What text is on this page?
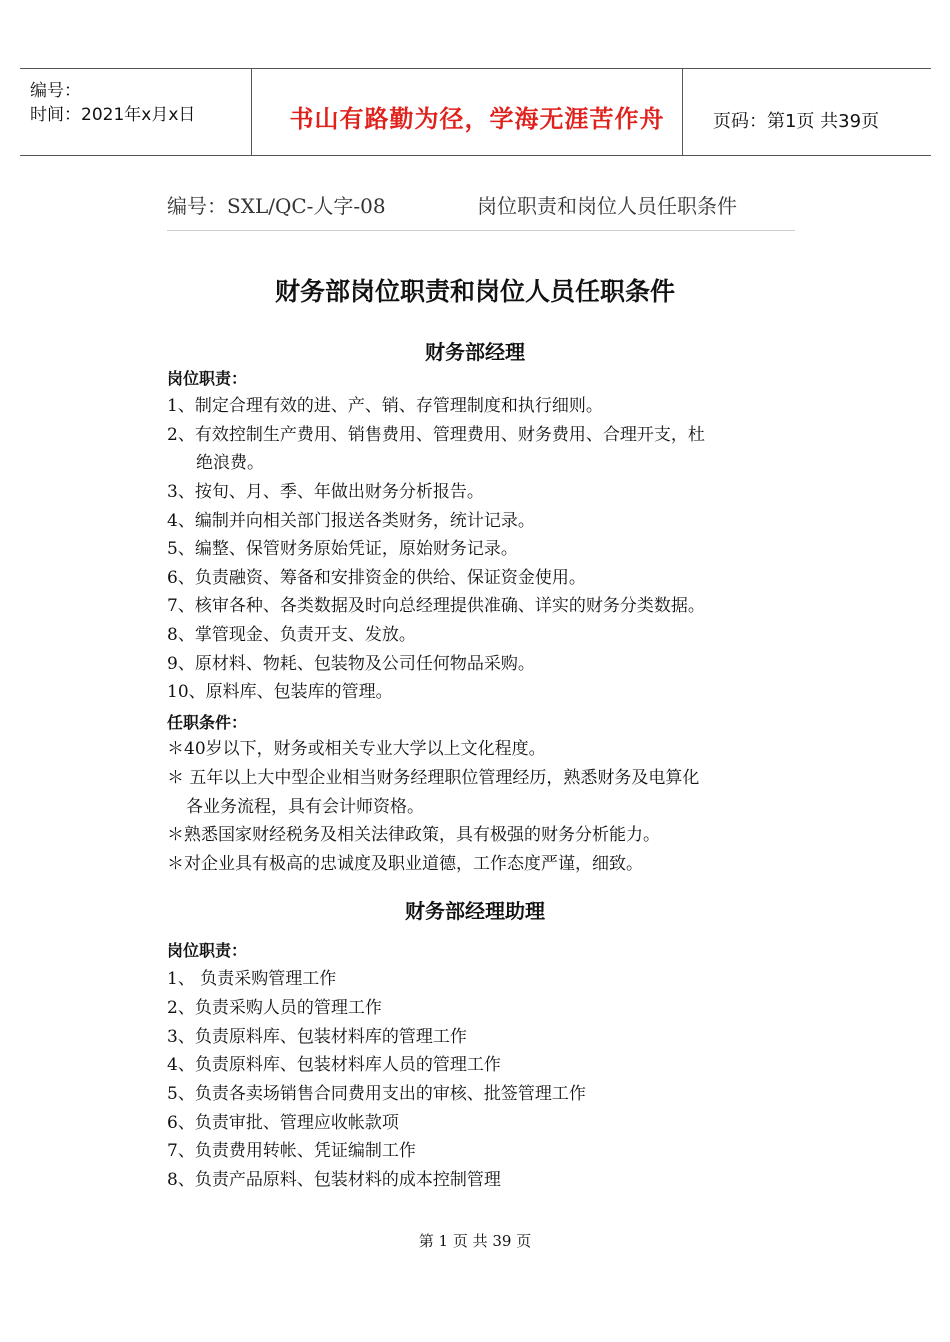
编号：
时间：2021年x月x日	书山有路勤为径，学海无涯苦作舟	页码：第1页 共39页
编号：SXL/QC-人字-08	岗位职责和岗位人员任职条件
财务部岗位职责和岗位人员任职条件
财务部经理
岗位职责：
1、制定合理有效的进、产、销、存管理制度和执行细则。
2、有效控制生产费用、销售费用、管理费用、财务费用、合理开支，杜
绝浪费。
3、按旬、月、季、年做出财务分析报告。
4、编制并向相关部门报送各类财务，统计记录。
5、编整、保管财务原始凭证，原始财务记录。
6、负责融资、筹备和安排资金的供给、保证资金使用。
7、核审各种、各类数据及时向总经理提供准确、详实的财务分类数据。
8、掌管现金、负责开支、发放。
9、原材料、物耗、包装物及公司任何物品采购。
10、原料库、包装库的管理。
任职条件：
＊40岁以下，财务或相关专业大学以上文化程度。
＊ 五年以上大中型企业相当财务经理职位管理经历，熟悉财务及电算化
各业务流程，具有会计师资格。
＊熟悉国家财经税务及相关法律政策，具有极强的财务分析能力。
＊对企业具有极高的忠诚度及职业道德，工作态度严谨，细致。
财务部经理助理
岗位职责：
1、 负责采购管理工作
2、负责采购人员的管理工作
3、负责原料库、包装材料库的管理工作
4、负责原料库、包装材料库人员的管理工作
5、负责各卖场销售合同费用支出的审核、批签管理工作
6、负责审批、管理应收帐款项
7、负责费用转帐、凭证编制工作
8、负责产品原料、包装材料的成本控制管理
第 1 页 共 39 页
